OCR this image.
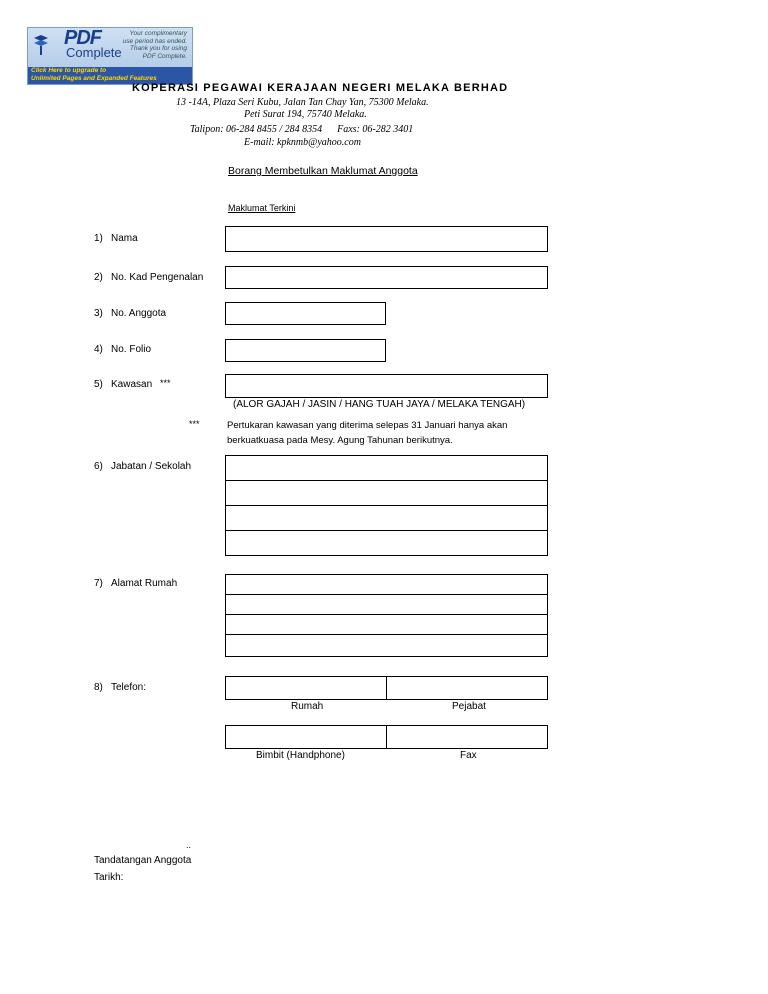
PDF
Complete
Your complimentary
use period has ended.
Thank you for using
PDF Complete.
Click Here to upgrade to
Unlimited Pages and Expanded Features
KOPERASI PEGAWAI KERAJAAN NEGERI MELAKA BERHAD
13 -14A, Plaza Seri Kubu, Jalan Tan Chay Yan, 75300 Melaka.
Peti Surat 194, 75740 Melaka.
Talipon: 06-284 8455 / 284 8354      Faxs: 06-282 3401
E-mail: kpknmb@yahoo.com
Borang Membetulkan Maklumat Anggota
Maklumat Terkini
1) Nama
2) No. Kad Pengenalan
3) No. Anggota
4) No. Folio
5) Kawasan ***
(ALOR GAJAH / JASIN / HANG TUAH JAYA / MELAKA TENGAH)
***	Pertukaran kawasan yang diterima selepas 31 Januari hanya akan
berkuatkuasa pada Mesy. Agung Tahunan berikutnya.
6) Jabatan / Sekolah
7) Alamat Rumah
8) Telefon:
Rumah	Pejabat
Bimbit (Handphone)	Fax
..
Tandatangan Anggota
Tarikh:
